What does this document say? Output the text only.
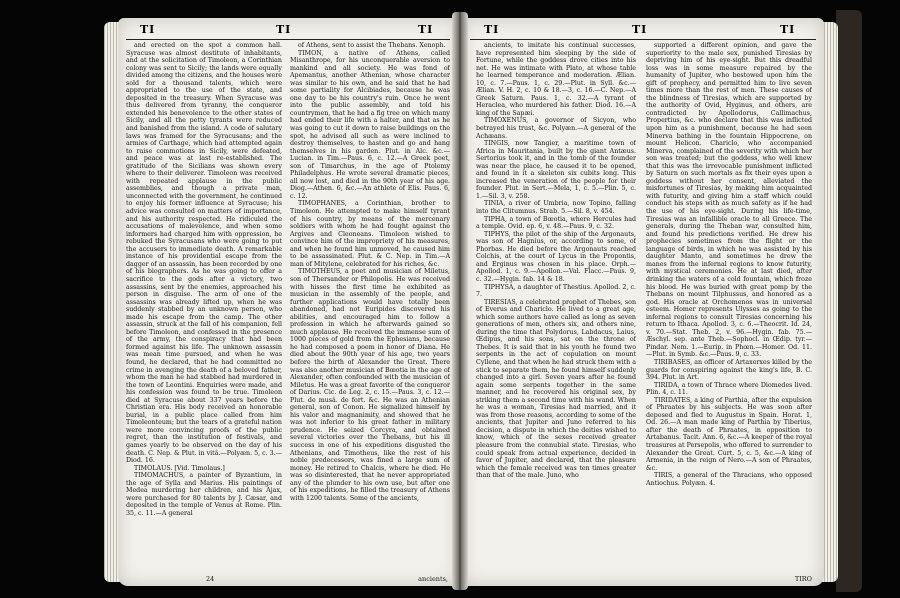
TI	TI	TI

and erected on the spot a common hall. Syracuse was almost destitute of inhabitants, and at the solicitation of Timoleon, a Corinthian colony was sent to Sicily; the lands were equally divided among the citizens, and the houses were sold for a thousand talents, which were appropriated to the use of the state, and deposited in the treasury. When Syracuse was thus delivered from tyranny, the conqueror extended his benevolence to the other states of Sicily, and all the petty tyrants were reduced and banished from the island. A code of salutary laws was framed for the Syracusans; and the armies of Carthage, which had attempted again to raise commotions in Sicily, were defeated, and peace was at last re-established. The gratitude of the Sicilians was shown every where to their deliverer. Timoleon was received with repeated applause in the public assemblies, and though a private man, unconnected with the government, he continued to enjoy his former influence at Syracuse; his advice was consulted on matters of importance, and his authority respected. He ridiculed the accusations of malevolence, and when some informers had charged him with oppression, he rebuked the Syracusans who were going to put the accusers to immediate death. A remarkable instance of his providential escape from the dagger of an assassin, has been recorded by one of his biographers. As he was going to offer a sacrifice to the gods after a victory, two assassins, sent by the enemies, approached his person in disguise. The arm of one of the assassins was already lifted up, when he was suddenly stabbed by an unknown person, who made his escape from the camp. The other assassin, struck at the fall of his companion, fell before Timoleon, and confessed in the presence of the army, the conspiracy that had been formed against his life. The unknown assassin was mean time pursued, and when he was found, he declared, that he had committed no crime in avenging the death of a beloved father, whom the man he had stabbed had murdered in the town of Leontini. Enquiries were made, and his confession was found to be true. Timoleon died at Syracuse about 337 years before the Christian era. His body received an honorable burial, in a public place called from him Timoleonteum; but the tears of a grateful nation were more convincing proofs of the public regret, than the institution of festivals, and games yearly to be observed on the day of his death. C. Nep. & Plut. in vitâ.—Polyæn. 5, c. 3.—Diod. 16.

TIMOLAUS. [Vid. Timolaus.]

TIMOMACHUS, a painter of Byzantium, in the age of Sylla and Marius. His paintings of Medea murdering her children, and his Ajax, were purchased for 80 talents by J. Cæsar, and deposited in the temple of Venus at Rome. Plin. 35, c. 11.—A general

of Athens, sent to assist the Thebans. Xenoph.

TIMON, a native of Athens, called Misanthrope, for his unconquerable aversion to mankind and all society. He was fond of Apemantus, another Athenian, whose character was similar to his own, and he said that he had some partiality for Alcibiades, because he was one day to be his country's ruin. Once he went into the public assembly, and told his countrymen, that he had a fig tree on which many had ended their life with a halter, and that as he was going to cut it down to raise buildings on the spot, he advised all such as were inclined to destroy themselves, to hasten and go and hang themselves in his garden. Plut. in Alc. &c.—Lucian. in Tim.—Paus. 6, c. 12.—A Greek poet, son of Timarchus, in the age of Ptolemy Philadelphus. He wrote several dramatic pieces, all now lost, and died in the 90th year of his age. Diog.—Athen. 6, &c.—An athlete of Elis. Paus. 6, c. 12.

TIMOPHANES, a Corinthian, brother to Timoleon. He attempted to make himself tyrant of his country, by means of the mercenary soldiers with whom he had fought against the Argives and Cleoneans. Timoleon wished to convince him of the impropriety of his measures, and when he found him unmoved, he caused him to be assassinated. Plut. & C. Nep. in Tim.—A man of Mitylene, celebrated for his riches, &c.

TIMOTHEUS, a poet and musician of Miletus, son of Thersander or Philopolis. He was received with hisses the first time he exhibited as musician in the assembly of the people, and further applications would have totally been abandoned, had not Euripides discovered his abilities, and encouraged him to follow a profession in which he afterwards gained so much applause. He received the immense sum of 1000 pieces of gold from the Ephesians, because he had composed a poem in honor of Diana. He died about the 90th year of his age, two years before the birth of Alexander the Great. There was also another musician of Bœotia in the age of Alexander, often confounded with the musician of Miletus. He was a great favorite of the conqueror of Darius. Cic. de Leg. 2, c. 15.—Paus. 3, c. 12.—Plut. de musâ. de fort. &c. He was an Athenian general, son of Conon. He signalized himself by his valor and magnanimity, and showed that he was not inferior to his great father in military prudence. He seized Corcyra, and obtained several victories over the Thebans, but his ill success in one of his expeditions disgusted the Athenians, and Timotheus, like the rest of his noble predecessors, was fined a large sum of money. He retired to Chalcis, where he died. He was so disinterested, that he never appropriated any of the plunder to his own use, but after one of his expeditions, he filled the treasury of Athens with 1200 talents. Some of the ancients,

24	ancients,
TI	TI	TI

ancients, to imitate his continual successes, have represented him sleeping by the side of Fortune, while the goddess drove cities into his net. He was intimate with Plato, at whose table he learned temperance and moderation. Ælian. 10, c. 7.—Paus. 1, c. 29.—Plut. in Syll. &c.—Ælian. V. H. 2, c. 10 & 18.—3, c. 16.—C. Nep.—A Greek Saturn. Paus. 1, c. 32.—A tyrant of Heraclea, who murdered his father. Diod. 16.—A king of the Sapæi.

TIMOXENUS, a governor of Sicyon, who betrayed his trust, &c. Polyæn.—A general of the Achæans.

TINGIS, now Tangier, a maritime town of Africa in Mauritania, built by the giant Antæus. Sertorius took it, and in the tomb of the founder was near the place, he caused it to be opened, and found in it a skeleton six cubits long. This increased the veneration of the people for their founder. Plut. in Sert.—Mela, 1, c. 5.—Plin. 5, c. 1.—Sil. 3, v. 258.

TINIA, a river of Umbria, now Topino, falling into the Clitumnus. Strab. 5.—Sil. 8, v. 454.

TIPHA, a town of Bœotia, where Hercules had a temple. Ovid. ep. 6, v. 48.—Paus. 9, c. 32.

TIPHYS, the pilot of the ship of the Argonauts, was son of Hagnius, or, according to some, of Phorbas. He died before the Argonauts reached Colchis, at the court of Lycus in the Propontis, and Erginus was chosen in his place. Orph.—Apollod. 1, c. 9.—Apollon.—Val. Flacc.—Paus. 9, c. 32.—Hygin. fab. 14 & 18.

TIPHYSA, a daughter of Thestius. Apollod. 2, c. 7.

TIRESIAS, a celebrated prophet of Thebes, son of Everus and Chariclo. He lived to a great age, which some authors have called as long as seven generations of men, others six, and others nine, during the time that Polydorus, Labdacus, Laius, Œdipus, and his sons, sat on the throne of Thebes. It is said that in his youth he found two serpents in the act of copulation on mount Cyllene, and that when he had struck them with a stick to separate them, he found himself suddenly changed into a girl. Seven years after he found again some serpents together in the same manner, and he recovered his original sex, by striking them a second time with his wand. When he was a woman, Tiresias had married, and it was from those reasons, according to some of the ancients, that Jupiter and Juno referred to his decision, a dispute in which the deities wished to know, which of the sexes received greater pleasure from the connubial state. Tiresias, who could speak from actual experience, decided in favor of Jupiter, and declared, that the pleasure which the female received was ten times greater than that of the male. Juno, who

supported a different opinion, and gave the superiority to the male sex, punished Tiresias by depriving him of his eye-sight. But this dreadful loss was in some measure repaired by the humanity of Jupiter, who bestowed upon him the gift of prophecy, and permitted him to live seven times more than the rest of men. These causes of the blindness of Tiresias, which are supported by the authority of Ovid, Hyginus, and others, are contradicted by Apollodorus, Callimachus, Propertius, &c. who declare that this was inflicted upon him as a punishment, because he had seen Minerva bathing in the fountain Hippocrene, on mount Helicon. Chariclo, who accompanied Minerva, complained of the severity with which her son was treated; but the goddess, who well knew that this was the irrevocable punishment inflicted by Saturn on such mortals as fix their eyes upon a goddess without her consent, alleviated the misfortunes of Tiresias, by making him acquainted with futurity, and giving him a staff which could conduct his steps with as much safety as if he had the use of his eye-sight. During his life-time, Tiresias was an infallible oracle to all Greece. The generals, during the Theban war, consulted him, and found his predictions verified. He drew his prophecies sometimes from the flight or the language of birds, in which he was assisted by his daughter Manto, and sometimes he drew the manes from the infernal regions to know futurity, with mystical ceremonies. He at last died, after drinking the waters of a cold fountain, which froze his blood. He was buried with great pomp by the Thebans on mount Tilphussus, and honored as a god. His oracle at Orchomenos was in universal esteem. Homer represents Ulysses as going to the infernal regions to consult Tiresias concerning his return to Ithaca. Apollod. 3, c. 6.—Theocrit. Id. 24, v. 70.—Stat. Theb. 2, v. 96.—Hygin. fab. 75.—Æschyl. sep. ante Theb.—Sophocl. in Œdip. tyr.—Pindar. Nem. 1.—Eurip. in Phœn.—Homer. Od. 11.—Plut. in Symb. &c.—Paus. 9, c. 33.

TIRIBASES, an officer of Artaxerxes killed by the guards for conspiring against the king's life, B. C. 394. Plut. in Art.

TIRIDA, a town of Thrace where Diomedes lived. Plin. 4, c. 11.

TIRIDATES, a king of Parthia, after the expulsion of Phraates by his subjects. He was soon after deposed and fled to Augustus in Spain. Horat. 1, Od. 26.—A man made king of Parthia by Tiberius, after the death of Phraates, in opposition to Artabanus. Tacit. Ann. 6, &c.—A keeper of the royal treasures at Persepolis, who offered to surrender to Alexander the Great. Curt. 5, c. 5, &c.—A king of Armenia, in the reign of Nero.—A son of Phraates, &c.

TIRIS, a general of the Thracians, who opposed Antiochus. Polyæn. 4.

TIRO
